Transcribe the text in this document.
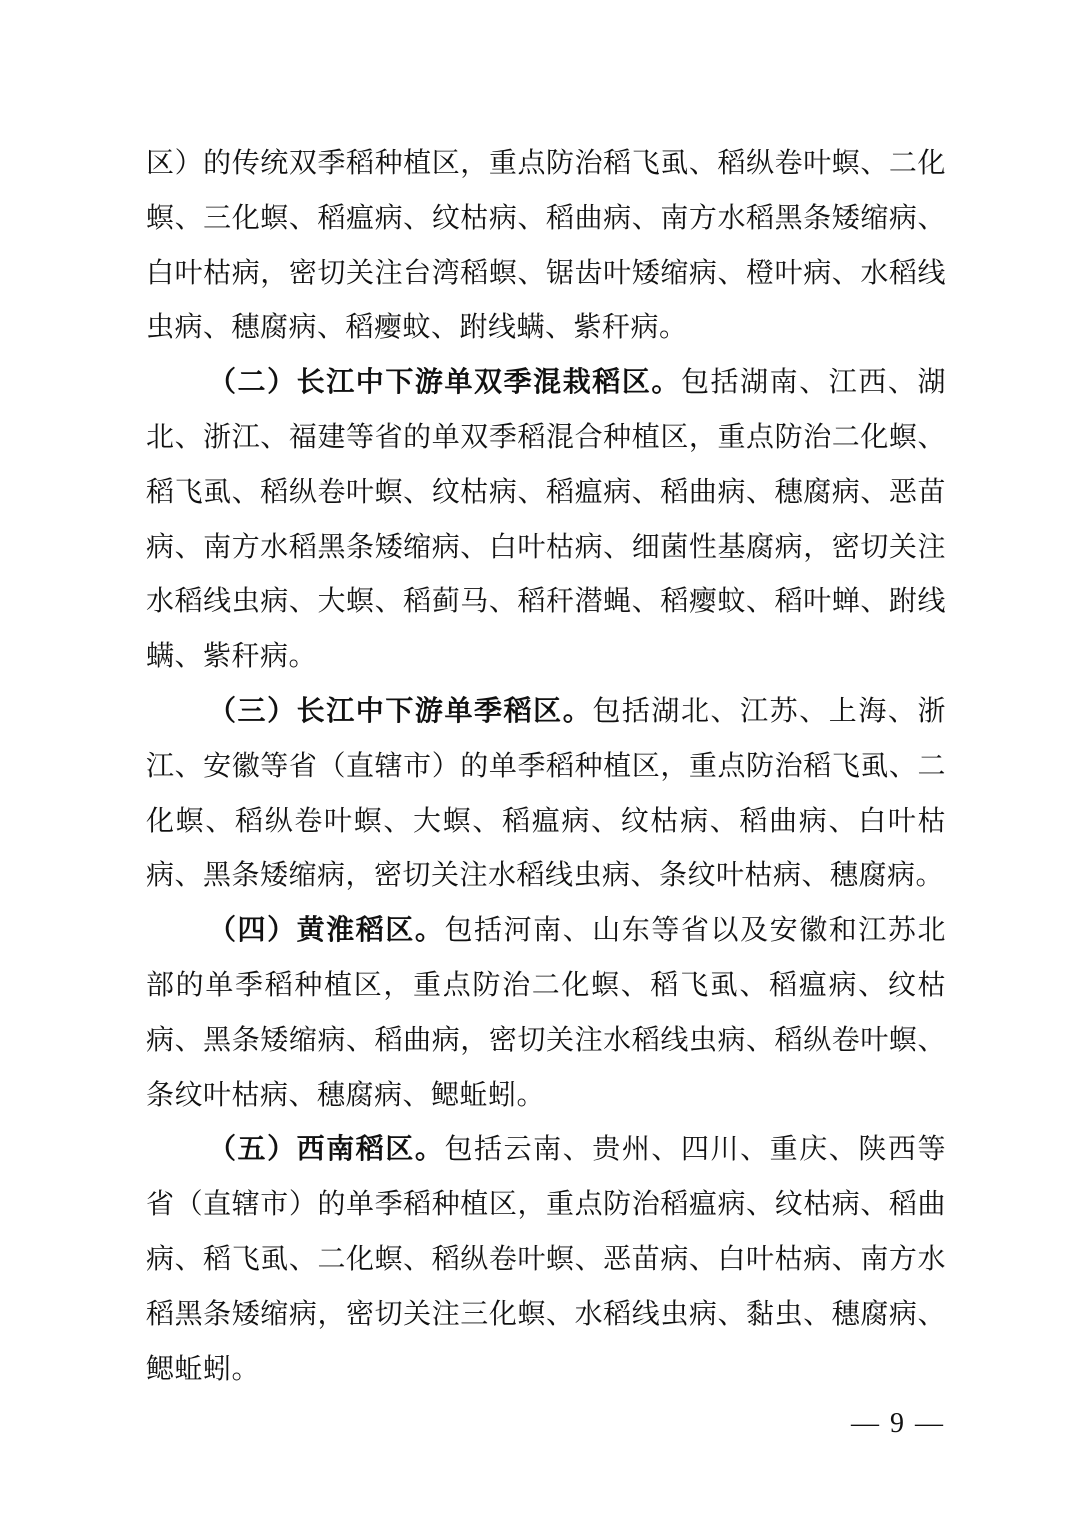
区）的传统双季稻种植区，重点防治稻飞虱、稻纵卷叶螟、二化螟、三化螟、稻瘟病、纹枯病、稻曲病、南方水稻黑条矮缩病、白叶枯病，密切关注台湾稻螟、锯齿叶矮缩病、橙叶病、水稻线虫病、穗腐病、稻瘿蚊、跗线螨、紫秆病。

（二）长江中下游单双季混栽稻区。包括湖南、江西、湖北、浙江、福建等省的单双季稻混合种植区，重点防治二化螟、稻飞虱、稻纵卷叶螟、纹枯病、稻瘟病、稻曲病、穗腐病、恶苗病、南方水稻黑条矮缩病、白叶枯病、细菌性基腐病，密切关注水稻线虫病、大螟、稻蓟马、稻秆潜蝇、稻瘿蚊、稻叶蝉、跗线螨、紫秆病。

（三）长江中下游单季稻区。包括湖北、江苏、上海、浙江、安徽等省（直辖市）的单季稻种植区，重点防治稻飞虱、二化螟、稻纵卷叶螟、大螟、稻瘟病、纹枯病、稻曲病、白叶枯病、黑条矮缩病，密切关注水稻线虫病、条纹叶枯病、穗腐病。

（四）黄淮稻区。包括河南、山东等省以及安徽和江苏北部的单季稻种植区，重点防治二化螟、稻飞虱、稻瘟病、纹枯病、黑条矮缩病、稻曲病，密切关注水稻线虫病、稻纵卷叶螟、条纹叶枯病、穗腐病、鳃蚯蚓。

（五）西南稻区。包括云南、贵州、四川、重庆、陕西等省（直辖市）的单季稻种植区，重点防治稻瘟病、纹枯病、稻曲病、稻飞虱、二化螟、稻纵卷叶螟、恶苗病、白叶枯病、南方水稻黑条矮缩病，密切关注三化螟、水稻线虫病、黏虫、穗腐病、鳃蚯蚓。

— 9 —
